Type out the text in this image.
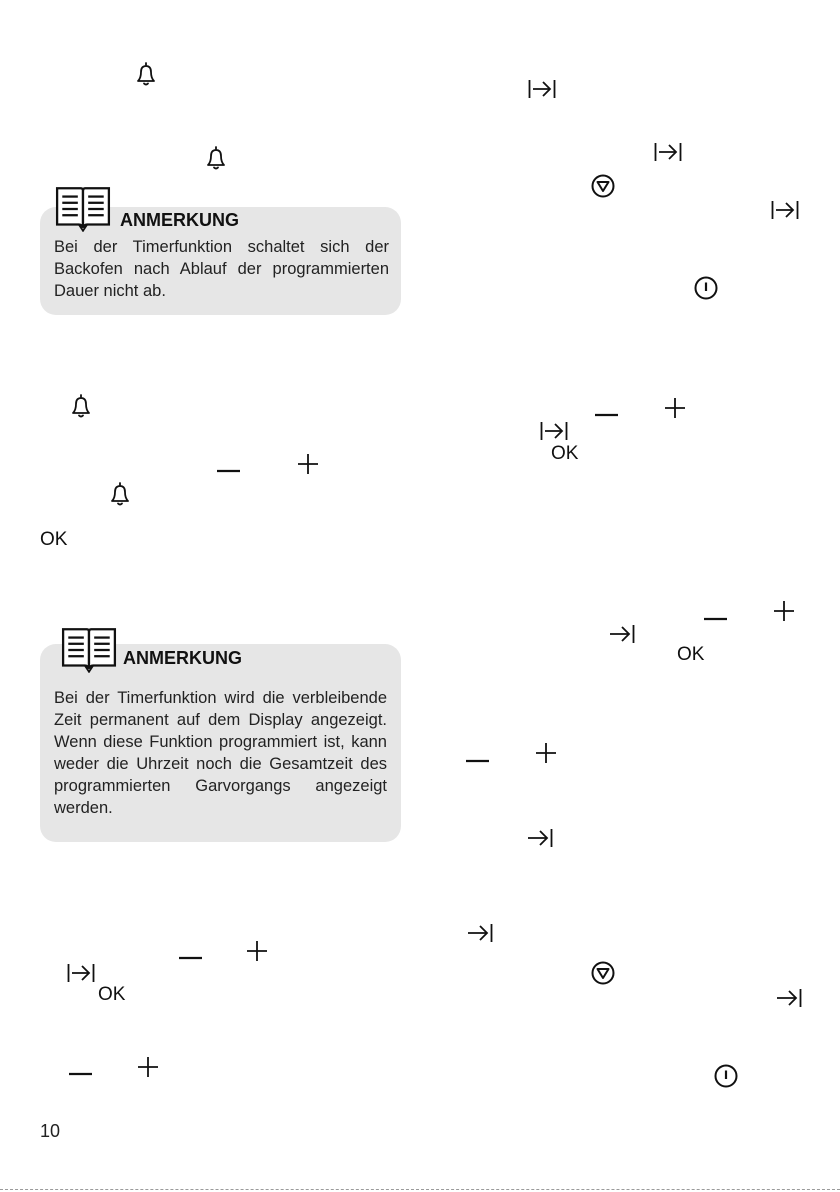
ANMERKUNG
Bei der Timerfunktion schaltet sich der Backofen nach Ablauf der programmierten Dauer nicht ab.
OK
ANMERKUNG
Bei der Timerfunktion wird die verbleibende Zeit permanent auf dem Display angezeigt. Wenn diese Funktion programmiert ist, kann weder die Uhrzeit noch die Gesamtzeit des programmierten Garvorgangs angezeigt werden.
OK
10
OK
OK
